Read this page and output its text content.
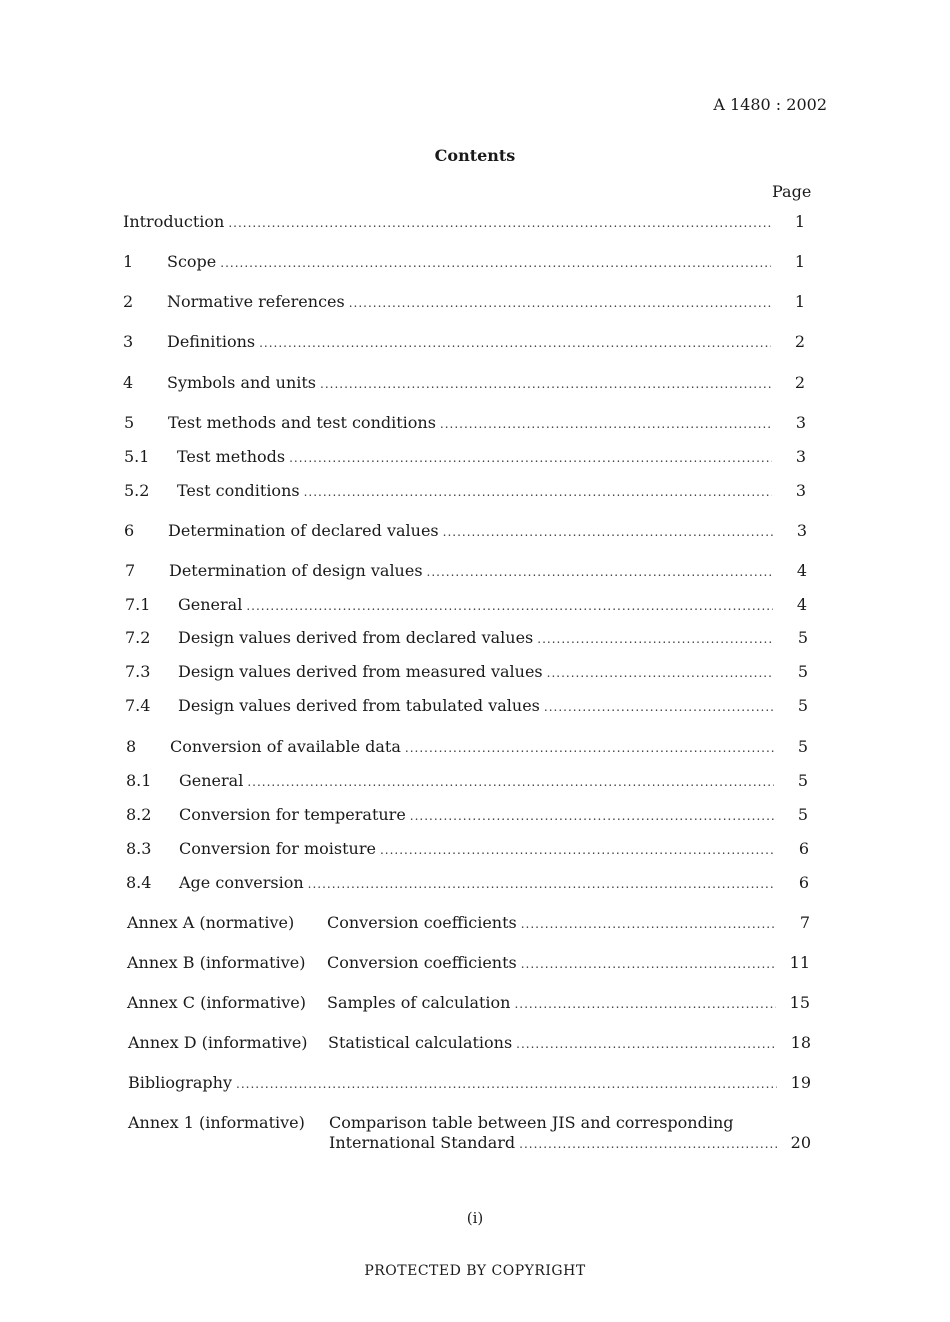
A 1480 : 2002
Contents
Page
Introduction .....	1
1	Scope .....	1
2	Normative references .....	1
3	Definitions .....	2
4	Symbols and units .....	2
5	Test methods and test conditions .....	3
5.1	Test methods .....	3
5.2	Test conditions .....	3
6	Determination of declared values .....	3
7	Determination of design values .....	4
7.1	General .....	4
7.2	Design values derived from declared values .....	5
7.3	Design values derived from measured values .....	5
7.4	Design values derived from tabulated values .....	5
8	Conversion of available data .....	5
8.1	General .....	5
8.2	Conversion for temperature .....	5
8.3	Conversion for moisture .....	6
8.4	Age conversion .....	6
Annex A (normative)	Conversion coefficients .....	7
Annex B (informative)	Conversion coefficients .....	11
Annex C (informative)	Samples of calculation .....	15
Annex D (informative)	Statistical calculations .....	18
Bibliography .....	19
Annex 1 (informative) Comparison table between JIS and corresponding
International Standard .....	20
(i)
PROTECTED BY COPYRIGHT
